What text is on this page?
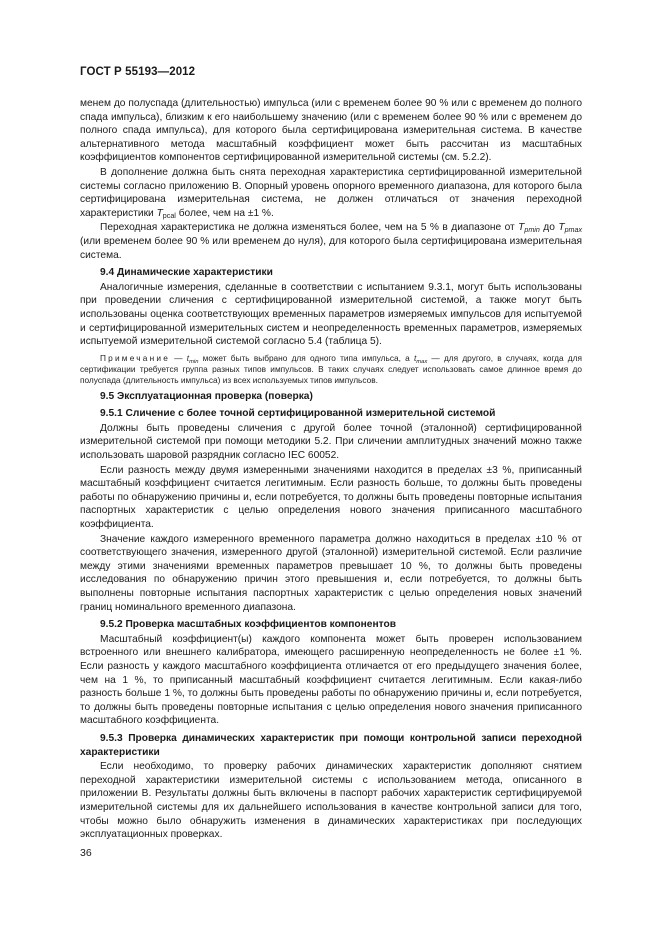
ГОСТ Р 55193—2012

менем до полуспада (длительностью) импульса (или с временем более 90 % или с временем до полного спада импульса), близким к его наибольшему значению (или с временем более 90 % или с временем до полного спада импульса), для которого была сертифицирована измерительная система. В качестве альтернативного метода масштабный коэффициент может быть рассчитан из масштабных коэффициентов компонентов сертифицированной измерительной системы (см. 5.2.2).

В дополнение должна быть снята переходная характеристика сертифицированной измерительной системы согласно приложению В. Опорный уровень опорного временного диапазона, для которого была сертифицирована измерительная система, не должен отличаться от значения переходной характеристики $T_{pcal}$ более, чем на ±1 %.

Переходная характеристика не должна изменяться более, чем на 5 % в диапазоне от $T_{pmin}$ до $T_{pmax}$ (или временем более 90 % или временем до нуля), для которого была сертифицирована измерительная система.

9.4 Динамические характеристики

Аналогичные измерения, сделанные в соответствии с испытанием 9.3.1, могут быть использованы при проведении сличения с сертифицированной измерительной системой, а также могут быть использованы оценка соответствующих временных параметров измеряемых импульсов для испытуемой и сертифицированной измерительных систем и неопределенность временных параметров, измеряемых испытуемой измерительной системой согласно 5.4 (таблица 5).

Примечание — $t_{min}$ может быть выбрано для одного типа импульса, а $t_{max}$ — для другого, в случаях, когда для сертификации требуется группа разных типов импульсов. В таких случаях следует использовать самое длинное время до полуспада (длительность импульса) из всех используемых типов импульсов.

9.5 Эксплуатационная проверка (поверка)
9.5.1 Сличение с более точной сертифицированной измерительной системой

Должны быть проведены сличения с другой более точной (эталонной) сертифицированной измерительной системой при помощи методики 5.2. При сличении амплитудных значений можно также использовать шаровой разрядник согласно IEC 60052.

Если разность между двумя измеренными значениями находится в пределах ±3 %, приписанный масштабный коэффициент считается легитимным. Если разность больше, то должны быть проведены работы по обнаружению причины и, если потребуется, то должны быть проведены повторные испытания паспортных характеристик с целью определения нового значения приписанного масштабного коэффициента.

Значение каждого измеренного временного параметра должно находиться в пределах ±10 % от соответствующего значения, измеренного другой (эталонной) измерительной системой. Если различие между этими значениями временных параметров превышает 10 %, то должны быть проведены исследования по обнаружению причин этого превышения и, если потребуется, то должны быть выполнены повторные испытания паспортных характеристик с целью определения новых значений границ номинального временного диапазона.

9.5.2 Проверка масштабных коэффициентов компонентов

Масштабный коэффициент(ы) каждого компонента может быть проверен использованием встроенного или внешнего калибратора, имеющего расширенную неопределенность не более ±1 %. Если разность у каждого масштабного коэффициента отличается от его предыдущего значения более, чем на 1 %, то приписанный масштабный коэффициент считается легитимным. Если какая-либо разность больше 1 %, то должны быть проведены работы по обнаружению причины и, если потребуется, то должны быть проведены повторные испытания с целью определения нового значения приписанного масштабного коэффициента.

9.5.3 Проверка динамических характеристик при помощи контрольной записи переходной характеристики

Если необходимо, то проверку рабочих динамических характеристик дополняют снятием переходной характеристики измерительной системы с использованием метода, описанного в приложении В. Результаты должны быть включены в паспорт рабочих характеристик сертифицируемой измерительной системы для их дальнейшего использования в качестве контрольной записи для того, чтобы можно было обнаружить изменения в динамических характеристиках при последующих эксплуатационных проверках.

36
